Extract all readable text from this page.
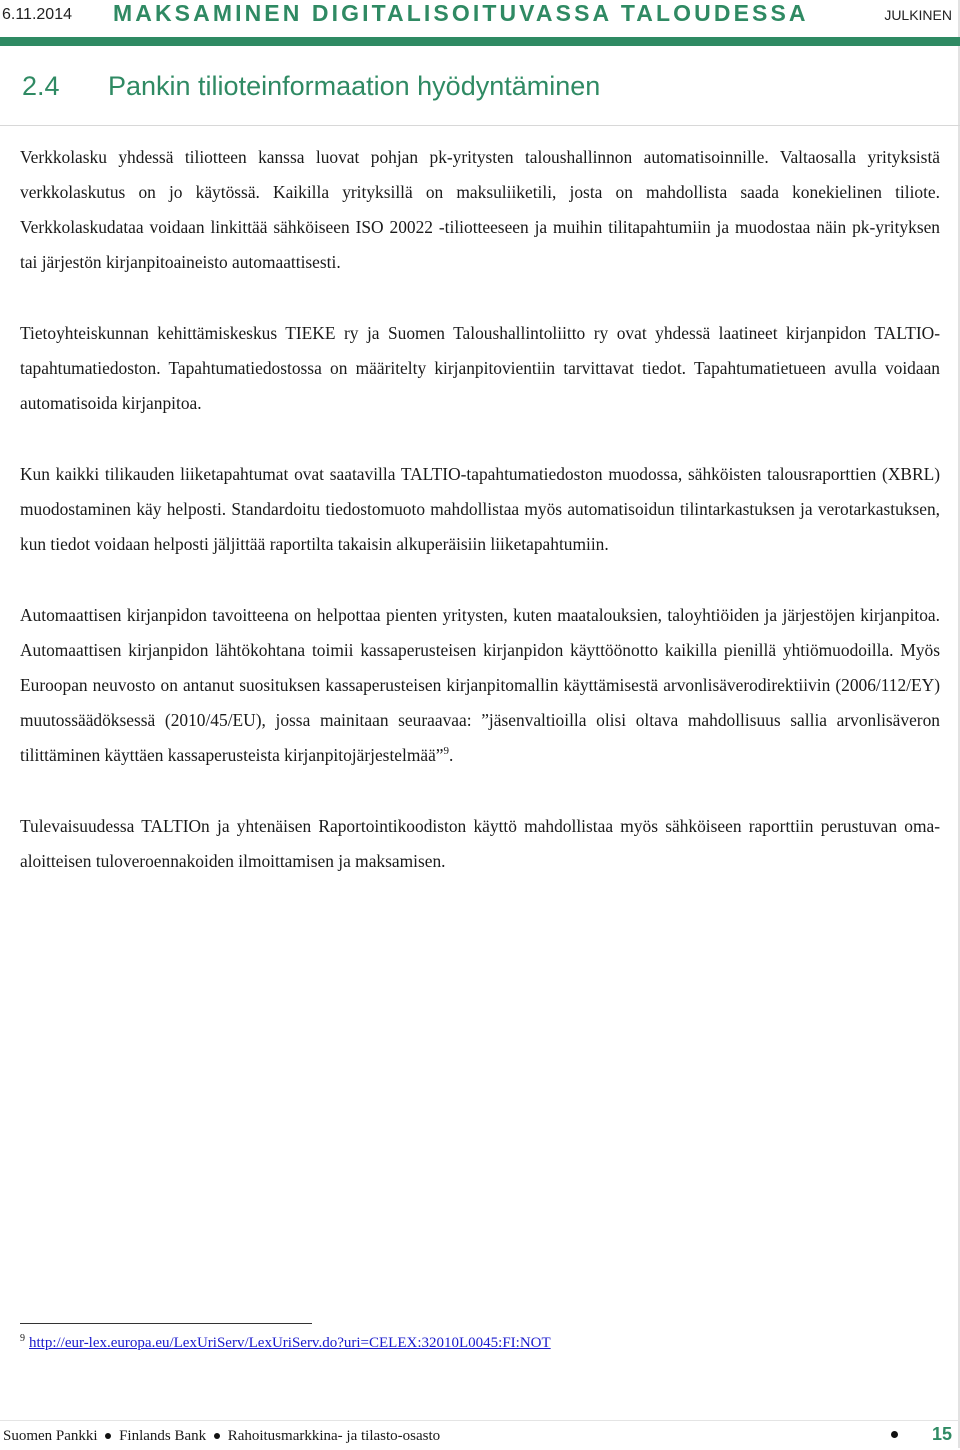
6.11.2014 MAKSAMINEN DIGITALISOITUVASSA TALOUDESSA	JULKINEN
2.4 Pankin tilioteinformaation hyödyntäminen

Verkkolasku yhdessä tiliotteen kanssa luovat pohjan pk-yritysten taloushallinnon automatisoinnille. Valtaosalla yrityksistä verkkolaskutus on jo käytössä. Kaikilla yrityksillä on maksuliiketili, josta on mahdollista saada konekielinen tiliote. Verkkolaskudataa voidaan linkittää sähköiseen ISO 20022 -tiliotteeseen ja muihin tilitapahtumiin ja muodostaa näin pk-yrityksen tai järjestön kirjanpitoaineisto automaattisesti.

Tietoyhteiskunnan kehittämiskeskus TIEKE ry ja Suomen Taloushallintoliitto ry ovat yhdessä laatineet kirjanpidon TALTIO-tapahtumatiedoston. Tapahtumatiedostossa on määritelty kirjanpitovientiin tarvittavat tiedot. Tapahtumatietueen avulla voidaan automatisoida kirjanpitoa.

Kun kaikki tilikauden liiketapahtumat ovat saatavilla TALTIO-tapahtumatiedoston muodossa, sähköisten talousraporttien (XBRL) muodostaminen käy helposti. Standardoitu tiedostomuoto mahdollistaa myös automatisoidun tilintarkastuksen ja verotarkastuksen, kun tiedot voidaan helposti jäljittää raportilta takaisin alkuperäisiin liiketapahtumiin.

Automaattisen kirjanpidon tavoitteena on helpottaa pienten yritysten, kuten maatalouksien, taloyhtiöiden ja järjestöjen kirjanpitoa. Automaattisen kirjanpidon lähtökohtana toimii kassaperusteisen kirjanpidon käyttöönotto kaikilla pienillä yhtiömuodoilla. Myös Euroopan neuvosto on antanut suosituksen kassaperusteisen kirjanpitomallin käyttämisestä arvonlisäverodirektiivin (2006/112/EY) muutossäädöksessä (2010/45/EU), jossa mainitaan seuraavaa: ”jäsenvaltioilla olisi oltava mahdollisuus sallia arvonlisäveron tilittäminen käyttäen kassaperusteista kirjanpitojärjestelmää”$^9$.

Tulevaisuudessa TALTIOn ja yhtenäisen Raportointikoodiston käyttö mahdollistaa myös sähköiseen raporttiin perustuvan oma-aloitteisen tuloveroennakoiden ilmoittamisen ja maksamisen.

$^9$ http://eur-lex.europa.eu/LexUriServ/LexUriServ.do?uri=CELEX:32010L0045:FI:NOT
Suomen Pankki Finlands Bank Rahoitusmarkkina- ja tilasto-osasto	15
